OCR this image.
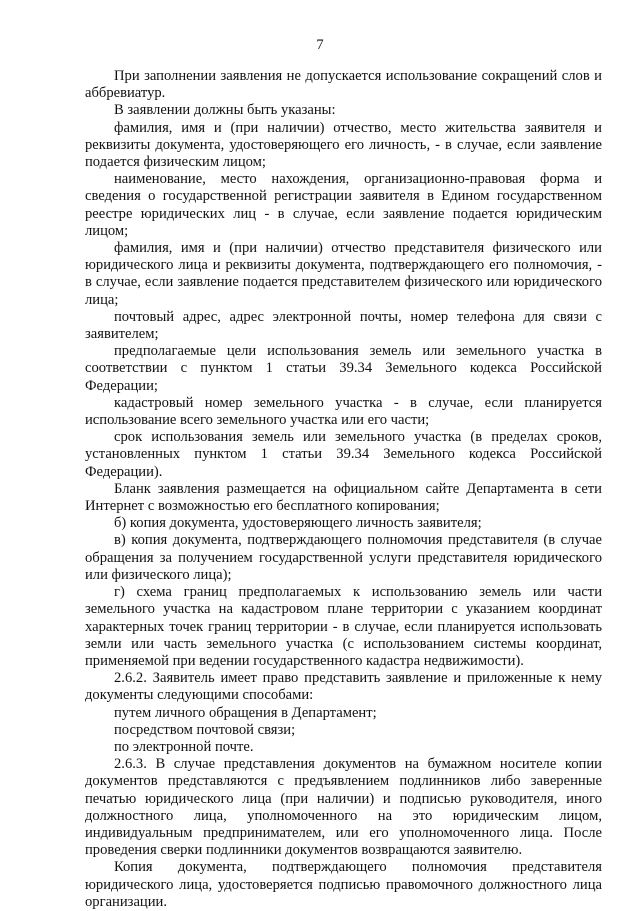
7

При заполнении заявления не допускается использование сокращений слов и аббревиатур.

В заявлении должны быть указаны:

фамилия, имя и (при наличии) отчество, место жительства заявителя и реквизиты документа, удостоверяющего его личность, - в случае, если заявление подается физическим лицом;

наименование, место нахождения, организационно-правовая форма и сведения о государственной регистрации заявителя в Едином государственном реестре юридических лиц - в случае, если заявление подается юридическим лицом;

фамилия, имя и (при наличии) отчество представителя физического или юридического лица и реквизиты документа, подтверждающего его полномочия, - в случае, если заявление подается представителем физического или юридического лица;

почтовый адрес, адрес электронной почты, номер телефона для связи с заявителем;

предполагаемые цели использования земель или земельного участка в соответствии с пунктом 1 статьи 39.34 Земельного кодекса Российской Федерации;

кадастровый номер земельного участка - в случае, если планируется использование всего земельного участка или его части;

срок использования земель или земельного участка (в пределах сроков, установленных пунктом 1 статьи 39.34 Земельного кодекса Российской Федерации).

Бланк заявления размещается на официальном сайте Департамента в сети Интернет с возможностью его бесплатного копирования;

б) копия документа, удостоверяющего личность заявителя;

в) копия документа, подтверждающего полномочия представителя (в случае обращения за получением государственной услуги представителя юридического или физического лица);

г) схема границ предполагаемых к использованию земель или части земельного участка на кадастровом плане территории с указанием координат характерных точек границ территории - в случае, если планируется использовать земли или часть земельного участка (с использованием системы координат, применяемой при ведении государственного кадастра недвижимости).

2.6.2. Заявитель имеет право представить заявление и приложенные к нему документы следующими способами:

путем личного обращения в Департамент;

посредством почтовой связи;

по электронной почте.

2.6.3. В случае представления документов на бумажном носителе копии документов представляются с предъявлением подлинников либо заверенные печатью юридического лица (при наличии) и подписью руководителя, иного должностного лица, уполномоченного на это юридическим лицом, индивидуальным предпринимателем, или его уполномоченного лица. После проведения сверки подлинники документов возвращаются заявителю.

Копия документа, подтверждающего полномочия представителя юридического лица, удостоверяется подписью правомочного должностного лица организации.
